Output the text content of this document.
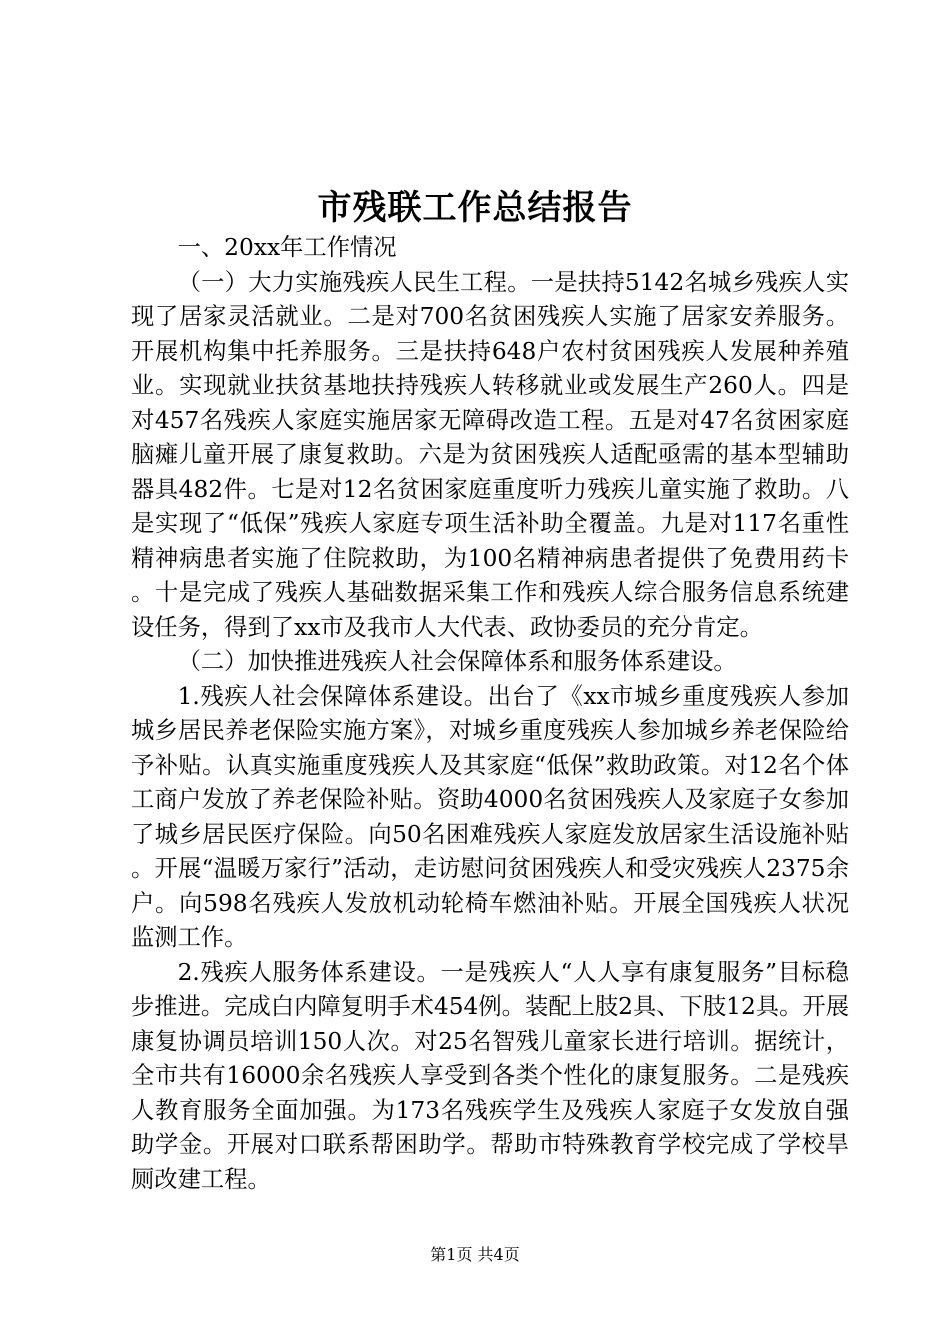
市残联工作总结报告

一、20xx年工作情况

（一）大力实施残疾人民生工程。一是扶持5142名城乡残疾人实现了居家灵活就业。二是对700名贫困残疾人实施了居家安养服务。开展机构集中托养服务。三是扶持648户农村贫困残疾人发展种养殖业。实现就业扶贫基地扶持残疾人转移就业或发展生产260人。四是对457名残疾人家庭实施居家无障碍改造工程。五是对47名贫困家庭脑瘫儿童开展了康复救助。六是为贫困残疾人适配亟需的基本型辅助器具482件。七是对12名贫困家庭重度听力残疾儿童实施了救助。八是实现了“低保”残疾人家庭专项生活补助全覆盖。九是对117名重性精神病患者实施了住院救助，为100名精神病患者提供了免费用药卡。十是完成了残疾人基础数据采集工作和残疾人综合服务信息系统建设任务，得到了xx市及我市人大代表、政协委员的充分肯定。

（二）加快推进残疾人社会保障体系和服务体系建设。

1.残疾人社会保障体系建设。出台了《xx市城乡重度残疾人参加城乡居民养老保险实施方案》，对城乡重度残疾人参加城乡养老保险给予补贴。认真实施重度残疾人及其家庭“低保”救助政策。对12名个体工商户发放了养老保险补贴。资助4000名贫困残疾人及家庭子女参加了城乡居民医疗保险。向50名困难残疾人家庭发放居家生活设施补贴。开展“温暖万家行”活动，走访慰问贫困残疾人和受灾残疾人2375余户。向598名残疾人发放机动轮椅车燃油补贴。开展全国残疾人状况监测工作。

2.残疾人服务体系建设。一是残疾人“人人享有康复服务”目标稳步推进。完成白内障复明手术454例。装配上肢2具、下肢12具。开展康复协调员培训150人次。对25名智残儿童家长进行培训。据统计，全市共有16000余名残疾人享受到各类个性化的康复服务。二是残疾人教育服务全面加强。为173名残疾学生及残疾人家庭子女发放自强助学金。开展对口联系帮困助学。帮助市特殊教育学校完成了学校旱厕改建工程。

第1页 共4页
